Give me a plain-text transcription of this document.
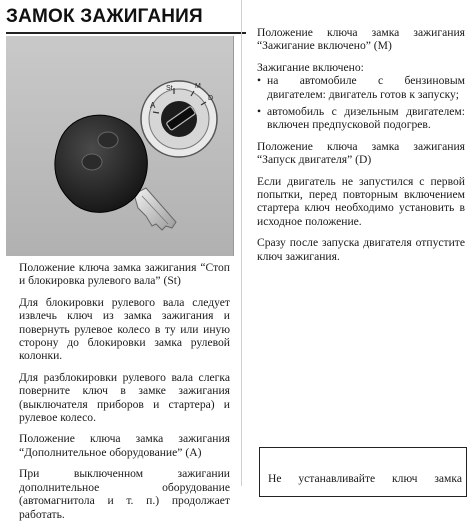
ЗАМОК ЗАЖИГАНИЯ
A
St	M
D

Положение ключа замка зажигания “Стоп и блокировка рулевого вала” (St)

Для блокировки рулевого вала следует извлечь ключ из замка зажигания и повернуть рулевое колесо в ту или иную сторону до блокировки замка рулевой колонки.

Для разблокировки рулевого вала слегка поверните ключ в замке зажигания (выключателя приборов и стартера) и рулевое колесо.

Положение ключа замка зажигания “Дополнительное оборудование” (A)

При выключенном зажигании дополнительное оборудование (автомагнитола и т. п.) продолжает работать.

Положение ключа замка зажигания “Зажигание включено” (M)

Зажигание включено:

• на автомобиле с бензиновым двигателем: двигатель готов к запуску;
• автомобиль с дизельным двигателем: включен предпусковой подогрев.

Положение ключа замка зажигания “Запуск двигателя” (D)

Если двигатель не запустился с первой попытки, перед повторным включением стартера ключ необходимо установить в исходное положение.

Сразу после запуска двигателя отпустите ключ зажигания.

Не устанавливайте ключ замка
